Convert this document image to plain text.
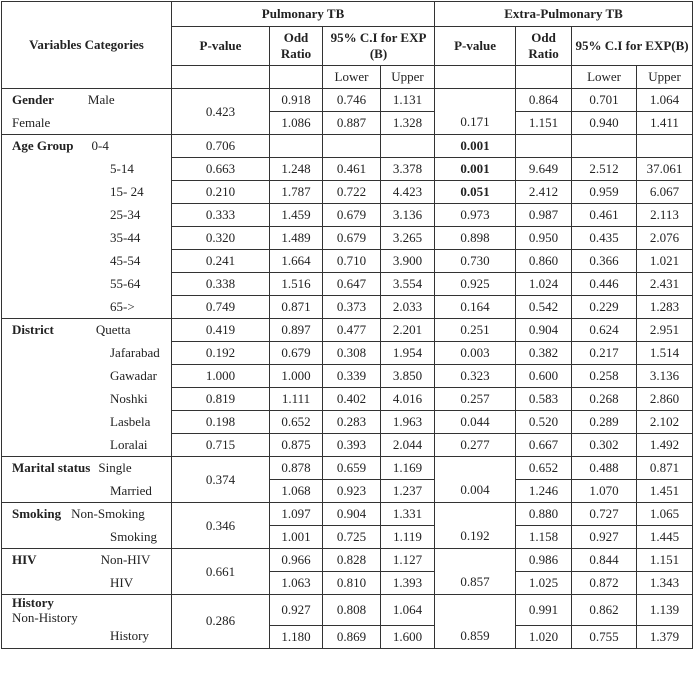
Variables Categories	Pulmonary TB				Extra-Pulmonary TB			
	P-value	Odd Ratio	95% C.I for EXP (B)		P-value	Odd Ratio	95% C.I for EXP(B)	
			Lower	Upper			Lower	Upper
Gender Male	0.423	0.918	0.746	1.131	0.171	0.864	0.701	1.064
Female		1.086	0.887	1.328		1.151	0.940	1.411
Age Group 0-4	0.706				0.001			
5-14	0.663	1.248	0.461	3.378	0.001	9.649	2.512	37.061
15- 24	0.210	1.787	0.722	4.423	0.051	2.412	0.959	6.067
25-34	0.333	1.459	0.679	3.136	0.973	0.987	0.461	2.113
35-44	0.320	1.489	0.679	3.265	0.898	0.950	0.435	2.076
45-54	0.241	1.664	0.710	3.900	0.730	0.860	0.366	1.021
55-64	0.338	1.516	0.647	3.554	0.925	1.024	0.446	2.431
65->	0.749	0.871	0.373	2.033	0.164	0.542	0.229	1.283
District Quetta	0.419	0.897	0.477	2.201	0.251	0.904	0.624	2.951
Jafarabad	0.192	0.679	0.308	1.954	0.003	0.382	0.217	1.514
Gawadar	1.000	1.000	0.339	3.850	0.323	0.600	0.258	3.136
Noshki	0.819	1.111	0.402	4.016	0.257	0.583	0.268	2.860
Lasbela	0.198	0.652	0.283	1.963	0.044	0.520	0.289	2.102
Loralai	0.715	0.875	0.393	2.044	0.277	0.667	0.302	1.492
Marital status Single	0.374	0.878	0.659	1.169	0.004	0.652	0.488	0.871
Married		1.068	0.923	1.237		1.246	1.070	1.451
Smoking Non-Smoking	0.346	1.097	0.904	1.331	0.192	0.880	0.727	1.065
Smoking		1.001	0.725	1.119		1.158	0.927	1.445
HIV Non-HIV	0.661	0.966	0.828	1.127	0.857	0.986	0.844	1.151
HIV		1.063	0.810	1.393		1.025	0.872	1.343
History
Non-History	0.286	0.927	0.808	1.064	0.859	0.991	0.862	1.139
History		1.180	0.869	1.600		1.020	0.755	1.379
